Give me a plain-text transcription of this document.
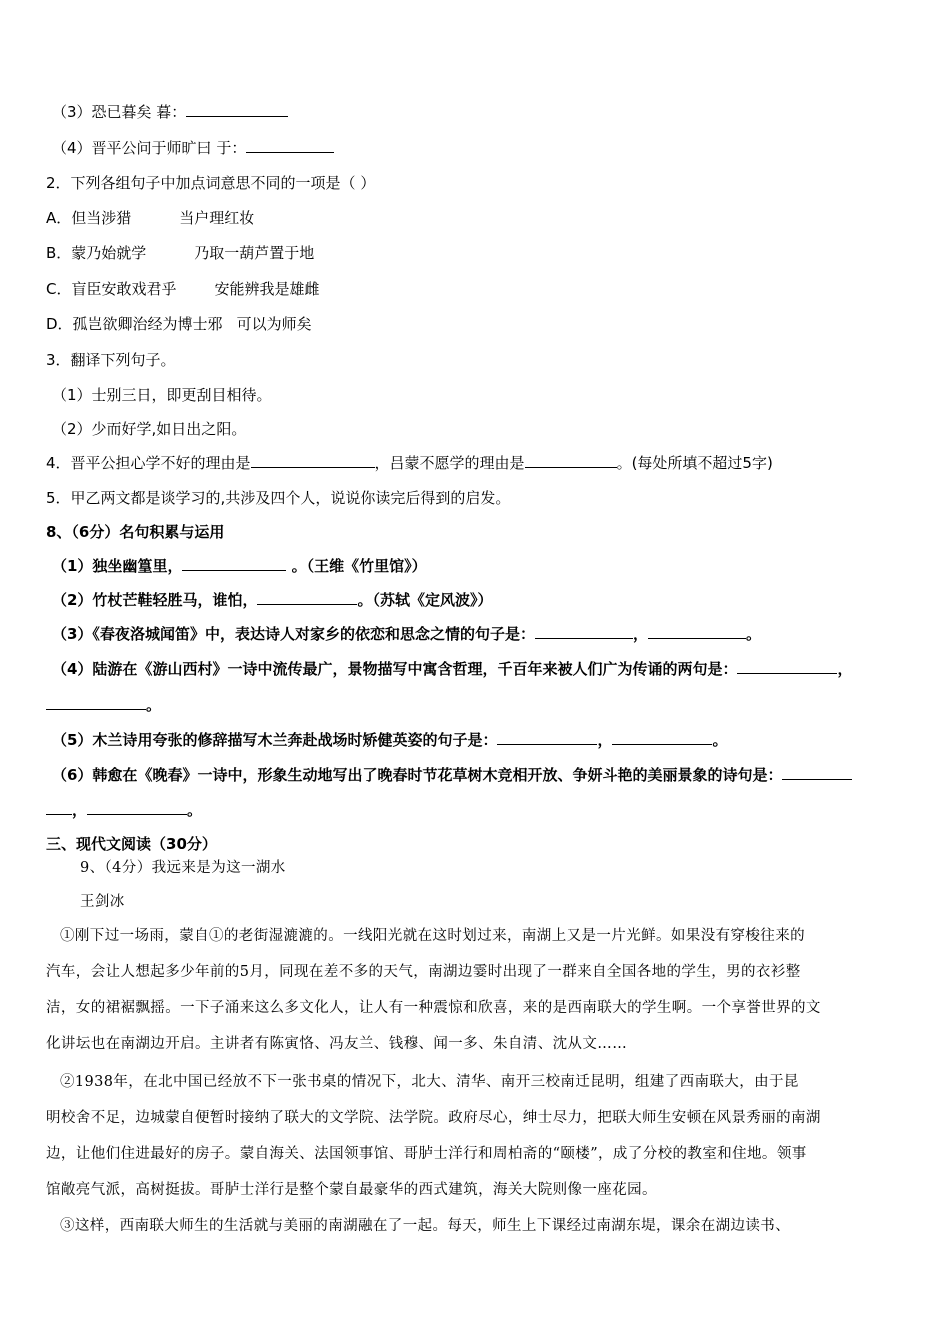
（3）恐已暮矣 暮：
（4）晋平公问于师旷曰 于：
2．下列各组句子中加点词意思不同的一项是（ ）
A．但当涉猎	当户理红妆
B．蒙乃始就学	乃取一葫芦置于地
C．盲臣安敢戏君乎	安能辨我是雄雌
D．孤岂欲卿治经为博士邪 可以为师矣
3．翻译下列句子。
（1）士别三日，即更刮目相待。
（2）少而好学,如日出之阳。
4．晋平公担心学不好的理由是	，吕蒙不愿学的理由是	。(每处所填不超过5字)
5．甲乙两文都是谈学习的,共涉及四个人，说说你读完后得到的启发。
8、（6分）名句积累与运用
（1）独坐幽篁里，	。（王维《竹里馆》）
（2）竹杖芒鞋轻胜马，谁怕，	。（苏轼《定风波》）
（3）《春夜洛城闻笛》中，表达诗人对家乡的依恋和思念之情的句子是：	，	。
（4）陆游在《游山西村》一诗中流传最广，景物描写中寓含哲理，千百年来被人们广为传诵的两句是：	，
。
（5）木兰诗用夸张的修辞描写木兰奔赴战场时矫健英姿的句子是：	，	。
（6）韩愈在《晚春》一诗中，形象生动地写出了晚春时节花草树木竞相开放、争妍斗艳的美丽景象的诗句是：
，	。
三、现代文阅读（30分）
9、（4分）我远来是为这一湖水
王剑冰
①刚下过一场雨，蒙自①的老街湿漉漉的。一线阳光就在这时划过来，南湖上又是一片光鲜。如果没有穿梭往来的
汽车，会让人想起多少年前的5月，同现在差不多的天气，南湖边霎时出现了一群来自全国各地的学生，男的衣衫整
洁，女的裙裾飘摇。一下子涌来这么多文化人，让人有一种震惊和欣喜，来的是西南联大的学生啊。一个享誉世界的文
化讲坛也在南湖边开启。主讲者有陈寅恪、冯友兰、钱穆、闻一多、朱自清、沈从文……
②1938年，在北中国已经放不下一张书桌的情况下，北大、清华、南开三校南迁昆明，组建了西南联大，由于昆
明校舍不足，边城蒙自便暂时接纳了联大的文学院、法学院。政府尽心，绅士尽力，把联大师生安顿在风景秀丽的南湖
边，让他们住进最好的房子。蒙自海关、法国领事馆、哥胪士洋行和周柏斋的“颐楼”，成了分校的教室和住地。领事
馆敞亮气派，高树挺拔。哥胪士洋行是整个蒙自最豪华的西式建筑，海关大院则像一座花园。
③这样，西南联大师生的生活就与美丽的南湖融在了一起。每天，师生上下课经过南湖东堤，课余在湖边读书、
